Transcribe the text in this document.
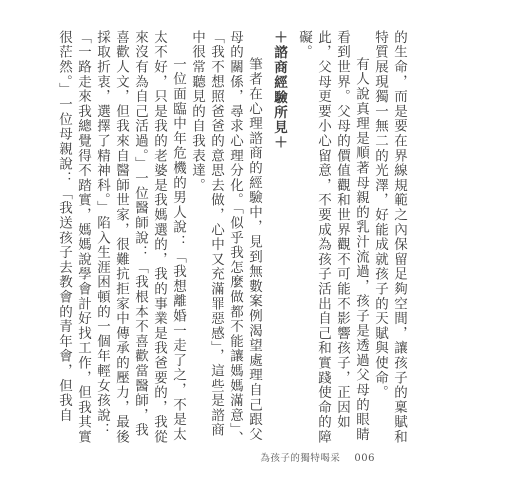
的生命，而是要在界線規範之內保留足夠空間，讓孩子的稟賦和特質展現獨一無二的光澤，好能成就孩子的天賦與使命。

有人說真理是順著母親的乳汁流過，孩子是透過父母的眼睛看到世界。父母的價值觀和世界觀不可能不影響孩子，正因如此，父母更要小心留意，不要成為孩子活出自己和實踐使命的障礙。

＋諮商經驗所見＋

筆者在心理諮商的經驗中，見到無數案例渴望處理自己跟父母的關係，尋求心理分化。「似乎我怎麼做都不能讓媽媽滿意」、「我不想照爸爸的意思去做，心中又充滿罪惡感」，這些是諮商中很常聽見的自我表達。

一位面臨中年危機的男人說：「我想離婚一走了之，不是太太不好，只是我的老婆是我媽選的，我的事業是我爸要的，我從來沒有為自己活過。」一位醫師說：「我根本不喜歡當醫師，我喜歡人文，但我來自醫師世家，很難抗拒家中傳承的壓力，最後採取折衷，選擇了精神科。」陷入生涯困頓的一個年輕女孩說：「一路走來我總覺得不踏實，媽媽說學會計好找工作，但我其實很茫然。」一位母親說：「我送孩子去教會的青年會，但我自

為孩子的獨特喝采 006
